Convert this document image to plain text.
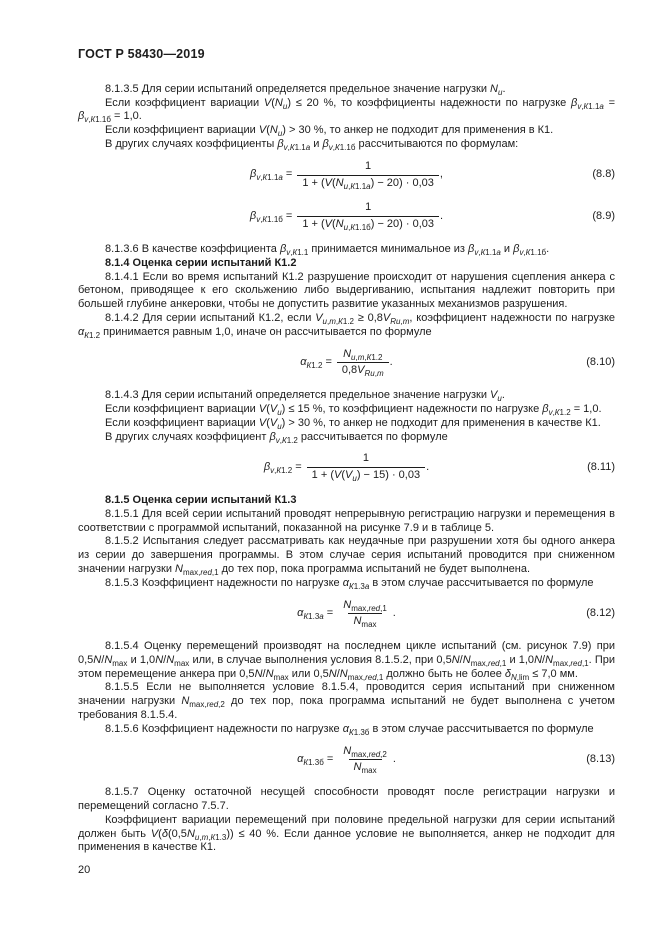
ГОСТ Р 58430—2019

8.1.3.5 Для серии испытаний определяется предельное значение нагрузки $N_u$.

Если коэффициент вариации $V(N_u) \le 20$ %, то коэффициенты надежности по нагрузке $\beta_{v,К1.1а} = \beta_{v,К1.1б} = 1,0$.

Если коэффициент вариации $V(N_u) > 30$ %, то анкер не подходит для применения в К1.

В других случаях коэффициенты $\beta_{v,К1.1а}$ и $\beta_{v,К1.1б}$ рассчитываются по формулам:

$\beta_{v,К1.1а} = \frac{1}{1 + (V(N_{u,К1.1а}) - 20) \cdot 0,03}$ ,	(8.8)
$\beta_{v,К1.1б} = \frac{1}{1 + (V(N_{u,К1.1б}) - 20) \cdot 0,03}$ .	(8.9)

8.1.3.6 В качестве коэффициента $\beta_{v,К1.1}$ принимается минимальное из $\beta_{v,К1.1а}$ и $\beta_{v,К1.1б}$.

8.1.4 Оценка серии испытаний К1.2

8.1.4.1 Если во время испытаний К1.2 разрушение происходит от нарушения сцепления анкера с бетоном, приводящее к его скольжению либо выдергиванию, испытания надлежит повторить при большей глубине анкеровки, чтобы не допустить развитие указанных механизмов разрушения.

8.1.4.2 Для серии испытаний К1.2, если $V_{u,m,К1.2} \ge 0,8V_{Ru,m}$, коэффициент надежности по нагрузке $\alpha_{К1.2}$ принимается равным 1,0, иначе он рассчитывается по формуле

$\alpha_{К1.2} = \frac{N_{u,m,К1.2}}{0,8V_{Ru,m}}$ .	(8.10)

8.1.4.3 Для серии испытаний определяется предельное значение нагрузки $V_u$.

Если коэффициент вариации $V(V_u) \le 15$ %, то коэффициент надежности по нагрузке $\beta_{v,К1.2} = 1,0$.

Если коэффициент вариации $V(V_u) > 30$ %, то анкер не подходит для применения в качестве К1.

В других случаях коэффициент $\beta_{v,К1.2}$ рассчитывается по формуле

$\beta_{v,К1.2} = \frac{1}{1 + (V(V_u) - 15) \cdot 0,03}$ .	(8.11)

8.1.5 Оценка серии испытаний К1.3

8.1.5.1 Для всей серии испытаний проводят непрерывную регистрацию нагрузки и перемещения в соответствии с программой испытаний, показанной на рисунке 7.9 и в таблице 5.

8.1.5.2 Испытания следует рассматривать как неудачные при разрушении хотя бы одного анкера из серии до завершения программы. В этом случае серия испытаний проводится при сниженном значении нагрузки $N_{max,red,1}$ до тех пор, пока программа испытаний не будет выполнена.

8.1.5.3 Коэффициент надежности по нагрузке $\alpha_{К1.3а}$ в этом случае рассчитывается по формуле

$\alpha_{К1.3а} = \frac{N_{max,red,1}}{N_{max}}$ .	(8.12)

8.1.5.4 Оценку перемещений производят на последнем цикле испытаний (см. рисунок 7.9) при $0,5N/N_{max}$ и $1,0N/N_{max}$ или, в случае выполнения условия 8.1.5.2, при $0,5N/N_{max,red,1}$ и $1,0N/N_{max,red,1}$. При этом перемещение анкера при $0,5N/N_{max}$ или $0,5N/N_{max,red,1}$ должно быть не более $\delta_{N,lim} \le 7,0$ мм.

8.1.5.5 Если не выполняется условие 8.1.5.4, проводится серия испытаний при сниженном значении нагрузки $N_{max,red,2}$ до тех пор, пока программа испытаний не будет выполнена с учетом требования 8.1.5.4.

8.1.5.6 Коэффициент надежности по нагрузке $\alpha_{К1.3б}$ в этом случае рассчитывается по формуле

$\alpha_{К1.3б} = \frac{N_{max,red,2}}{N_{max}}$ .	(8.13)

8.1.5.7 Оценку остаточной несущей способности проводят после регистрации нагрузки и перемещений согласно 7.5.7.

Коэффициент вариации перемещений при половине предельной нагрузки для серии испытаний должен быть $V(\delta(0,5N_{u,m,К1.3})) \le 40$ %. Если данное условие не выполняется, анкер не подходит для применения в качестве К1.

20
